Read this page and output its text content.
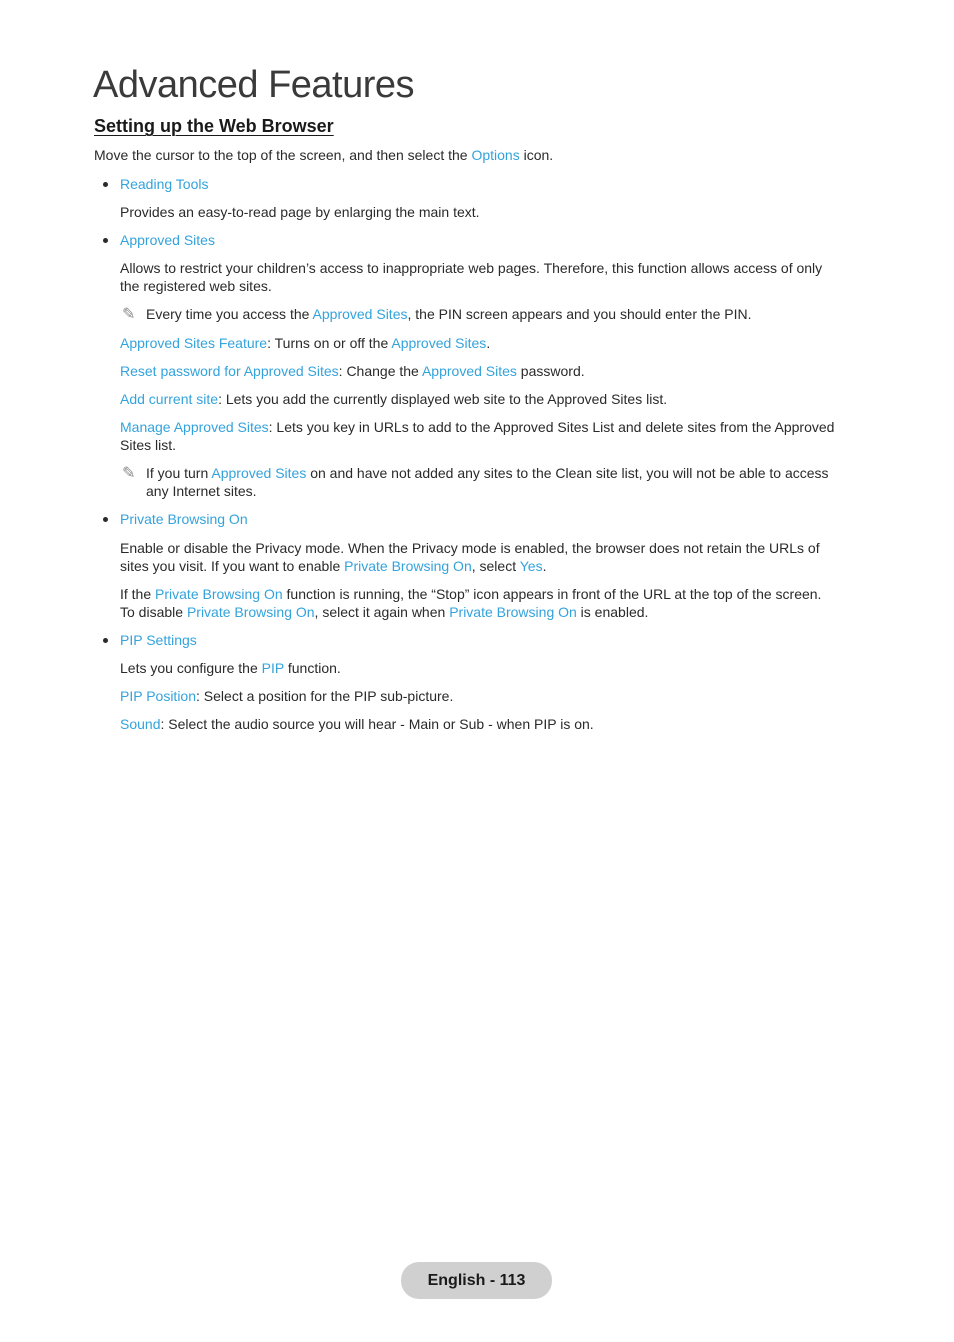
Advanced Features
Setting up the Web Browser
Move the cursor to the top of the screen, and then select the Options icon.
Reading Tools
Provides an easy-to-read page by enlarging the main text.
Approved Sites
Allows to restrict your children’s access to inappropriate web pages. Therefore, this function allows access of only
the registered web sites.
✎ Every time you access the Approved Sites, the PIN screen appears and you should enter the PIN.
Approved Sites Feature: Turns on or off the Approved Sites.
Reset password for Approved Sites: Change the Approved Sites password.
Add current site: Lets you add the currently displayed web site to the Approved Sites list.
Manage Approved Sites: Lets you key in URLs to add to the Approved Sites List and delete sites from the Approved
Sites list.
✎ If you turn Approved Sites on and have not added any sites to the Clean site list, you will not be able to access
any Internet sites.
Private Browsing On
Enable or disable the Privacy mode. When the Privacy mode is enabled, the browser does not retain the URLs of
sites you visit. If you want to enable Private Browsing On, select Yes.
If the Private Browsing On function is running, the “Stop” icon appears in front of the URL at the top of the screen.
To disable Private Browsing On, select it again when Private Browsing On is enabled.
PIP Settings
Lets you configure the PIP function.
PIP Position: Select a position for the PIP sub-picture.
Sound: Select the audio source you will hear - Main or Sub - when PIP is on.
English - 113
